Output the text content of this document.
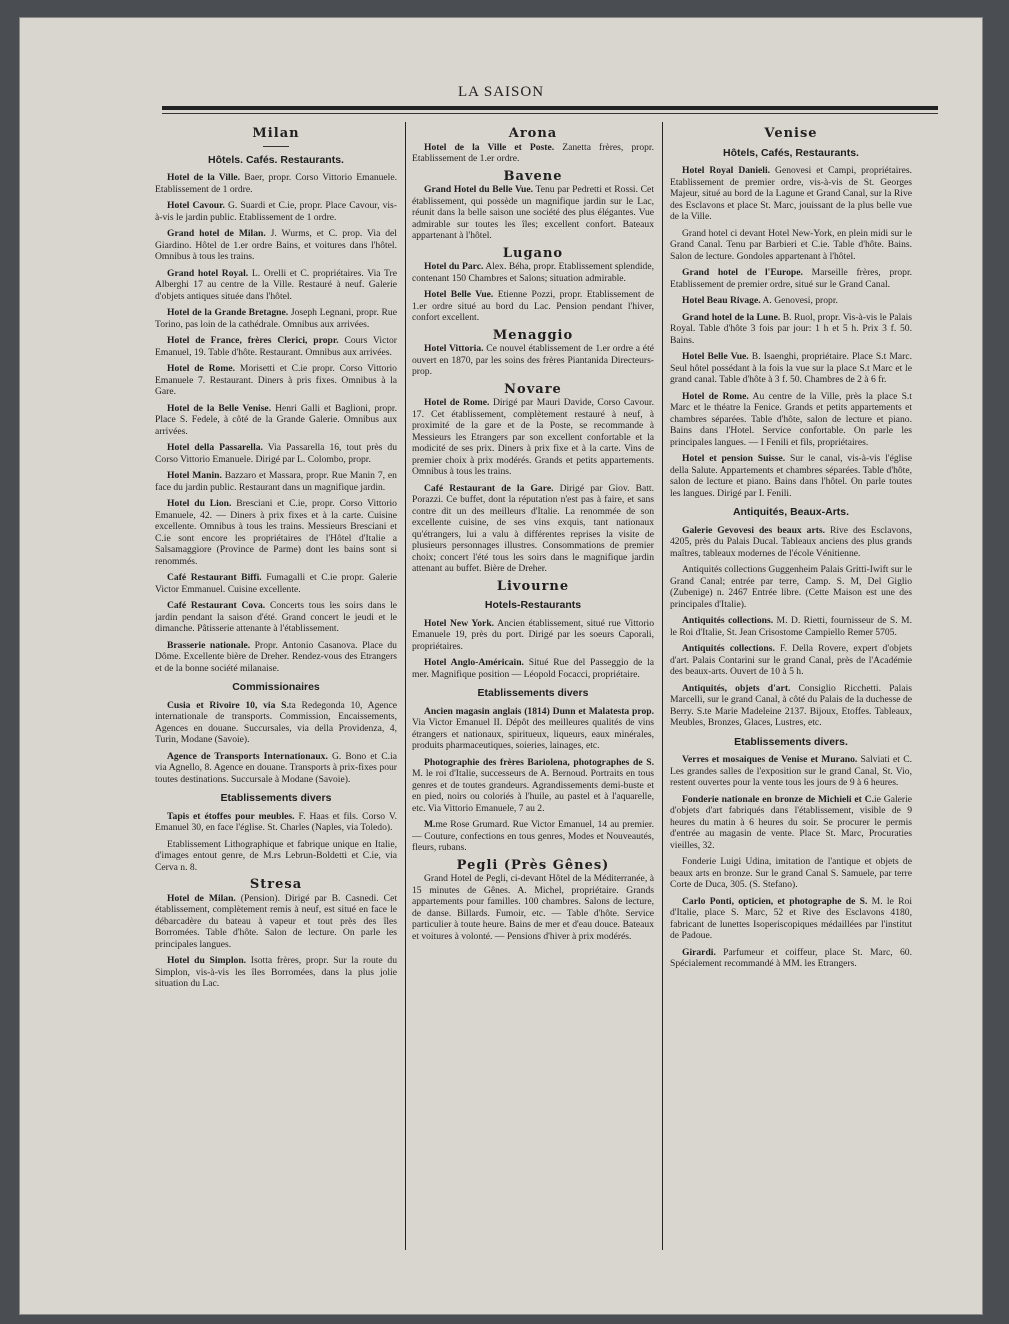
LA SAISON
Milan
Hôtels. Cafés. Restaurants.

Hotel de la Ville. Baer, propr. Corso Vittorio Emanuele. Etablissement de 1 ordre.

Hotel Cavour. G. Suardi et C.ie, propr. Place Cavour, vis-à-vis le jardin public. Etablissement de 1 ordre.

Grand hotel de Milan. J. Wurms, et C. prop. Via del Giardino. Hôtel de 1.er ordre Bains, et voitures dans l'hôtel. Omnibus à tous les trains.

Grand hotel Royal. L. Orelli et C. propriétaires. Via Tre Alberghi 17 au centre de la Ville. Restauré à neuf. Galerie d'objets antiques située dans l'hôtel.

Hotel de la Grande Bretagne. Joseph Legnani, propr. Rue Torino, pas loin de la cathédrale. Omnibus aux arrivées.

Hotel de France, frères Clerici, propr. Cours Victor Emanuel, 19. Table d'hôte. Restaurant. Omnibus aux arrivées.

Hotel de Rome. Morisetti et C.ie propr. Corso Vittorio Emanuele 7. Restaurant. Diners à pris fixes. Omnibus à la Gare.

Hotel de la Belle Venise. Henri Galli et Baglioni, propr. Place S. Fedele, à côté de la Grande Galerie. Omnibus aux arrivées.

Hotel della Passarella. Via Passarella 16, tout près du Corso Vittorio Emanuele. Dirigé par L. Colombo, propr.

Hotel Manin. Bazzaro et Massara, propr. Rue Manin 7, en face du jardin public. Restaurant dans un magnifique jardin.

Hotel du Lion. Bresciani et C.ie, propr. Corso Vittorio Emanuele, 42. — Diners à prix fixes et à la carte. Cuisine excellente. Omnibus à tous les trains. Messieurs Bresciani et C.ie sont encore les propriétaires de l'Hôtel d'Italie a Salsamaggiore (Province de Parme) dont les bains sont si renommés.

Café Restaurant Biffi. Fumagalli et C.ie propr. Galerie Victor Emmanuel. Cuisine excellente.

Café Restaurant Cova. Concerts tous les soirs dans le jardin pendant la saison d'été. Grand concert le jeudi et le dimanche. Pâtisserie attenante à l'établissement.

Brasserie nationale. Propr. Antonio Casanova. Place du Dôme. Excellente bière de Dreher. Rendez-vous des Etrangers et de la bonne société milanaise.

Commissionaires

Cusia et Rivoire 10, via S.ta Redegonda 10, Agence internationale de transports. Commission, Encaissements, Agences en douane. Succursales, via della Providenza, 4, Turin, Modane (Savoie).

Agence de Transports Internationaux. G. Bono et C.ia via Agnello, 8. Agence en douane. Transports à prix-fixes pour toutes destinations. Succursale à Modane (Savoie).

Etablissements divers

Tapis et étoffes pour meubles. F. Haas et fils. Corso V. Emanuel 30, en face l'église. St. Charles (Naples, via Toledo).

Etablissement Lithographique et fabrique unique en Italie, d'images entout genre, de M.rs Lebrun-Boldetti et C.ie, via Cerva n. 8.

Stresa

Hotel de Milan. (Pension). Dirigé par B. Casnedi. Cet établissement, complètement remis à neuf, est situé en face le débarcadère du bateau à vapeur et tout près des îles Borromées. Table d'hôte. Salon de lecture. On parle les principales langues.

Hotel du Simplon. Isotta frères, propr. Sur la route du Simplon, vis-à-vis les îles Borromées, dans la plus jolie situation du Lac.

Arona

Hotel de la Ville et Poste. Zanetta frères, propr. Etablissement de 1.er ordre.

Bavene

Grand Hotel du Belle Vue. Tenu par Pedretti et Rossi. Cet établissement, qui possède un magnifique jardin sur le Lac, réunit dans la belle saison une société des plus élégantes. Vue admirable sur toutes les îles; excellent confort. Bateaux appartenant à l'hôtel.

Lugano

Hotel du Parc. Alex. Béha, propr. Etablissement splendide, contenant 150 Chambres et Salons; situation admirable.

Hotel Belle Vue. Etienne Pozzi, propr. Etablissement de 1.er ordre situé au bord du Lac. Pension pendant l'hiver, confort excellent.

Menaggio

Hotel Vittoria. Ce nouvel établissement de 1.er ordre a été ouvert en 1870, par les soins des frères Piantanida Directeurs-prop.

Novare

Hotel de Rome. Dirigé par Mauri Davide, Corso Cavour. 17. Cet établissement, complètement restauré à neuf, à proximité de la gare et de la Poste, se recommande à Messieurs les Etrangers par son excellent confortable et la modicité de ses prix. Diners à prix fixe et à la carte. Vins de premier choix à prix modérés. Grands et petits appartements. Omnibus à tous les trains.

Café Restaurant de la Gare. Dirigé par Giov. Batt. Porazzi. Ce buffet, dont la réputation n'est pas à faire, et sans contre dit un des meilleurs d'Italie. La renommée de son excellente cuisine, de ses vins exquis, tant nationaux qu'étrangers, lui a valu à différentes reprises la visite de plusieurs personnages illustres. Consommations de premier choix; concert l'été tous les soirs dans le magnifique jardin attenant au buffet. Bière de Dreher.

Livourne
Hotels-Restaurants

Hotel New York. Ancien établissement, situé rue Vittorio Emanuele 19, près du port. Dirigé par les soeurs Caporali, propriétaires.

Hotel Anglo-Américain. Situé Rue del Passeggio de la mer. Magnifique position — Léopold Focacci, propriétaire.

Etablissements divers

Ancien magasin anglais (1814) Dunn et Malatesta prop. Via Victor Emanuel II. Dépôt des meilleures qualités de vins étrangers et nationaux, spiritueux, liqueurs, eaux minérales, produits pharmaceutiques, soieries, lainages, etc.

Photographie des frères Bariolena, photographes de S. M. le roi d'Italie, successeurs de A. Bernoud. Portraits en tous genres et de toutes grandeurs. Agrandissements demi-buste et en pied, noirs ou coloriés à l'huile, au pastel et à l'aquarelle, etc. Via Vittorio Emanuele, 7 au 2.

M.me Rose Grumard. Rue Victor Emanuel, 14 au premier. — Couture, confections en tous genres, Modes et Nouveautés, fleurs, rubans.

Pegli (Près Gênes)

Grand Hotel de Pegli, ci-devant Hôtel de la Méditerranée, à 15 minutes de Gênes. A. Michel, propriétaire. Grands appartements pour familles. 100 chambres. Salons de lecture, de danse. Billards. Fumoir, etc. — Table d'hôte. Service particulier à toute heure. Bains de mer et d'eau douce. Bateaux et voitures à volonté. — Pensions d'hiver à prix modérés.

Venise
Hôtels, Cafés, Restaurants.

Hotel Royal Danieli. Genovesi et Campi, propriétaires. Etablissement de premier ordre, vis-à-vis de St. Georges Majeur, situé au bord de la Lagune et Grand Canal, sur la Rive des Esclavons et place St. Marc, jouissant de la plus belle vue de la Ville.

Grand hotel ci devant Hotel New-York, en plein midi sur le Grand Canal. Tenu par Barbieri et C.ie. Table d'hôte. Bains. Salon de lecture. Gondoles appartenant à l'hôtel.

Grand hotel de l'Europe. Marseille frères, propr. Etablissement de premier ordre, situé sur le Grand Canal.

Hotel Beau Rivage. A. Genovesi, propr.

Grand hotel de la Lune. B. Ruol, propr. Vis-à-vis le Palais Royal. Table d'hôte 3 fois par jour: 1 h et 5 h. Prix 3 f. 50. Bains.

Hotel Belle Vue. B. Isaenghi, propriétaire. Place S.t Marc. Seul hôtel possédant à la fois la vue sur la place S.t Marc et le grand canal. Table d'hôte à 3 f. 50. Chambres de 2 à 6 fr.

Hotel de Rome. Au centre de la Ville, près la place S.t Marc et le théatre la Fenice. Grands et petits appartements et chambres séparées. Table d'hôte, salon de lecture et piano. Bains dans l'Hotel. Service confortable. On parle les principales langues. — I Fenili et fils, propriétaires.

Hotel et pension Suisse. Sur le canal, vis-à-vis l'église della Salute. Appartements et chambres séparées. Table d'hôte, salon de lecture et piano. Bains dans l'hôtel. On parle toutes les langues. Dirigé par I. Fenili.

Antiquités, Beaux-Arts.

Galerie Gevovesi des beaux arts. Rive des Esclavons, 4205, près du Palais Ducal. Tableaux anciens des plus grands maîtres, tableaux modernes de l'école Vénitienne.

Antiquités collections Guggenheim Palais Gritti-Iwift sur le Grand Canal; entrée par terre, Camp. S. M, Del Giglio (Zubenige) n. 2467 Entrée libre. (Cette Maison est une des principales d'Italie).

Antiquités collections. M. D. Rietti, fournisseur de S. M. le Roi d'Italie, St. Jean Crisostome Campiello Remer 5705.

Antiquités collections. F. Della Rovere, expert d'objets d'art. Palais Contarini sur le grand Canal, près de l'Académie des beaux-arts. Ouvert de 10 à 5 h.

Antiquités, objets d'art. Consiglio Ricchetti. Palais Marcelli, sur le grand Canal, à côté du Palais de la duchesse de Berry. S.te Marie Madeleine 2137. Bijoux, Etoffes. Tableaux, Meubles, Bronzes, Glaces, Lustres, etc.

Etablissements divers.

Verres et mosaiques de Venise et Murano. Salviati et C. Les grandes salles de l'exposition sur le grand Canal, St. Vio, restent ouvertes pour la vente tous les jours de 9 à 6 heures.

Fonderie nationale en bronze de Michieli et C.ie Galerie d'objets d'art fabriqués dans l'établissement, visible de 9 heures du matin à 6 heures du soir. Se procurer le permis d'entrée au magasin de vente. Place St. Marc, Procuraties vieilles, 32.

Fonderie Luigi Udina, imitation de l'antique et objets de beaux arts en bronze. Sur le grand Canal S. Samuele, par terre Corte de Duca, 305. (S. Stefano).

Carlo Ponti, opticien, et photographe de S. M. le Roi d'Italie, place S. Marc, 52 et Rive des Esclavons 4180, fabricant de lunettes Isoperiscopiques médaillées par l'institut de Padoue.

Girardi. Parfumeur et coiffeur, place St. Marc, 60. Spécialement recommandé à MM. les Etrangers.
